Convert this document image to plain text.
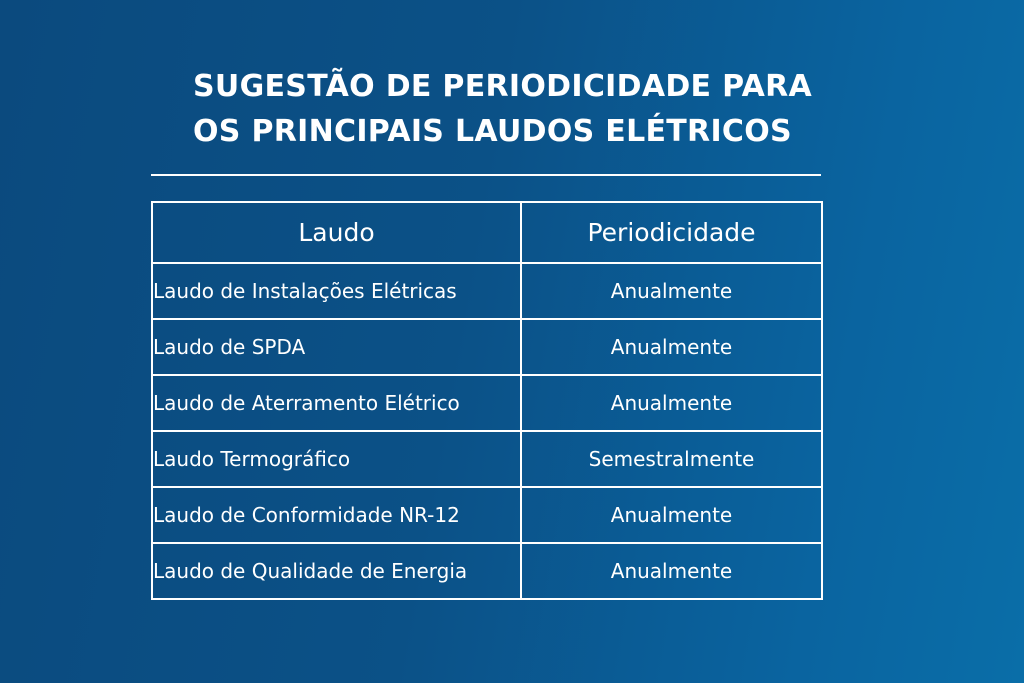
SUGESTÃO DE PERIODICIDADE PARA
OS PRINCIPAIS LAUDOS ELÉTRICOS
Laudo	Periodicidade
Laudo de Instalações Elétricas	Anualmente
Laudo de SPDA	Anualmente
Laudo de Aterramento Elétrico	Anualmente
Laudo Termográfico	Semestralmente
Laudo de Conformidade NR-12	Anualmente
Laudo de Qualidade de Energia	Anualmente
